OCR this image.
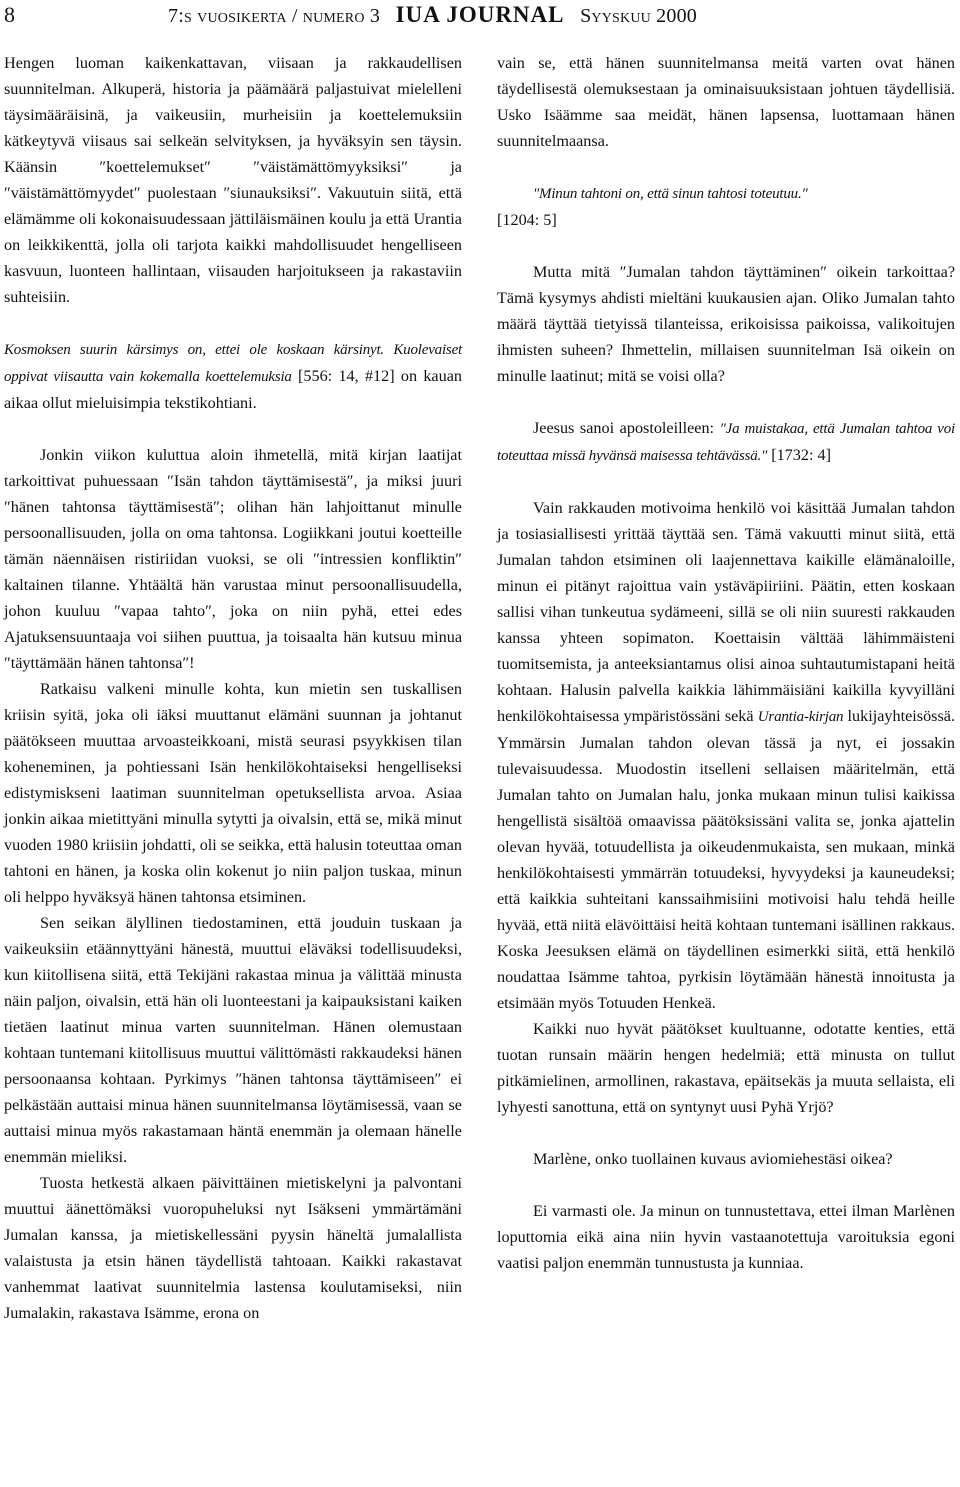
8	7:s vuosikerta / numero 3 IUA JOURNAL Syyskuu 2000

Hengen luoman kaikenkattavan, viisaan ja rakkaudellisen suunnitelman. Alkuperä, historia ja päämäärä paljastuivat mielelleni täysimääräisinä, ja vaikeusiin, murheisiin ja koettelemuksiin kätkeytyvä viisaus sai selkeän selvityksen, ja hyväksyin sen täysin. Käänsin ″koettelemukset″ ″väistämättömyyksiksi″ ja ″väistämättömyydet″ puolestaan ″siunauksiksi″. Vakuutuin siitä, että elämämme oli kokonaisuudessaan jättiläismäinen koulu ja että Urantia on leikkikenttä, jolla oli tarjota kaikki mahdollisuudet hengelliseen kasvuun, luonteen hallintaan, viisauden harjoitukseen ja rakastaviin suhteisiin.

Kosmoksen suurin kärsimys on, ettei ole koskaan kärsinyt. Kuolevaiset oppivat viisautta vain kokemalla koettelemuksia [556: 14, #12] on kauan aikaa ollut mieluisimpia tekstikohtiani.

Jonkin viikon kuluttua aloin ihmetellä, mitä kirjan laatijat tarkoittivat puhuessaan ″Isän tahdon täyttämisestä″, ja miksi juuri ″hänen tahtonsa täyttämisestä″; olihan hän lahjoittanut minulle persoonallisuuden, jolla on oma tahtonsa. Logiikkani joutui koetteille tämän näennäisen ristiriidan vuoksi, se oli ″intressien konfliktin″ kaltainen tilanne. Yhtäältä hän varustaa minut persoonallisuudella, johon kuuluu ″vapaa tahto″, joka on niin pyhä, ettei edes Ajatuksensuuntaaja voi siihen puuttua, ja toisaalta hän kutsuu minua ″täyttämään hänen tahtonsa″!

Ratkaisu valkeni minulle kohta, kun mietin sen tuskallisen kriisin syitä, joka oli iäksi muuttanut elämäni suunnan ja johtanut päätökseen muuttaa arvoasteikkoani, mistä seurasi psyykkisen tilan koheneminen, ja pohtiessani Isän henkilökohtaiseksi hengelliseksi edistymiskseni laatiman suunnitelman opetuksellista arvoa. Asiaa jonkin aikaa mietittyäni minulla sytytti ja oivalsin, että se, mikä minut vuoden 1980 kriisiin johdatti, oli se seikka, että halusin toteuttaa oman tahtoni en hänen, ja koska olin kokenut jo niin paljon tuskaa, minun oli helppo hyväksyä hänen tahtonsa etsiminen.

Sen seikan älyllinen tiedostaminen, että jouduin tuskaan ja vaikeuksiin etäännyttyäni hänestä, muuttui eläväksi todellisuudeksi, kun kiitollisena siitä, että Tekijäni rakastaa minua ja välittää minusta näin paljon, oivalsin, että hän oli luonteestani ja kaipauksistani kaiken tietäen laatinut minua varten suunnitelman. Hänen olemustaan kohtaan tuntemani kiitollisuus muuttui välittömästi rakkaudeksi hänen persoonaansa kohtaan. Pyrkimys ″hänen tahtonsa täyttämiseen″ ei pelkästään auttaisi minua hänen suunnitelmansa löytämisessä, vaan se auttaisi minua myös rakastamaan häntä enemmän ja olemaan hänelle enemmän mieliksi.

Tuosta hetkestä alkaen päivittäinen mietiskelyni ja palvontani muuttui äänettömäksi vuoropuheluksi nyt Isäkseni ymmärtämäni Jumalan kanssa, ja mietiskellessäni pyysin häneltä jumalallista valaistusta ja etsin hänen täydellistä tahtoaan. Kaikki rakastavat vanhemmat laativat suunnitelmia lastensa koulutamiseksi, niin Jumalakin, rakastava Isämme, erona on

vain se, että hänen suunnitelmansa meitä varten ovat hänen täydellisestä olemuksestaan ja ominaisuuksistaan johtuen täydellisiä. Usko Isäämme saa meidät, hänen lapsensa, luottamaan hänen suunnitelmaansa.

″Minun tahtoni on, että sinun tahtosi toteutuu.″
[1204: 5]

Mutta mitä ″Jumalan tahdon täyttäminen″ oikein tarkoittaa? Tämä kysymys ahdisti mieltäni kuukausien ajan. Oliko Jumalan tahto määrä täyttää tietyissä tilanteissa, erikoisissa paikoissa, valikoitujen ihmisten suheen? Ihmettelin, millaisen suunnitelman Isä oikein on minulle laatinut; mitä se voisi olla?

Jeesus sanoi apostoleilleen: ″Ja muistakaa, että Jumalan tahtoa voi toteuttaa missä hyvänsä maisessa tehtävässä.″ [1732: 4]

Vain rakkauden motivoima henkilö voi käsittää Jumalan tahdon ja tosiasiallisesti yrittää täyttää sen. Tämä vakuutti minut siitä, että Jumalan tahdon etsiminen oli laajennettava kaikille elämänaloille, minun ei pitänyt rajoittua vain ystäväpiiriini. Päätin, etten koskaan sallisi vihan tunkeutua sydämeeni, sillä se oli niin suuresti rakkauden kanssa yhteen sopimaton. Koettaisin välttää lähimmäisteni tuomitsemista, ja anteeksiantamus olisi ainoa suhtautumistapani heitä kohtaan. Halusin palvella kaikkia lähimmäisiäni kaikilla kyvyilläni henkilökohtaisessa ympäristössäni sekä Urantia-kirjan lukijayhteisössä. Ymmärsin Jumalan tahdon olevan tässä ja nyt, ei jossakin tulevaisuudessa. Muodostin itselleni sellaisen määritelmän, että Jumalan tahto on Jumalan halu, jonka mukaan minun tulisi kaikissa hengellistä sisältöä omaavissa päätöksissäni valita se, jonka ajattelin olevan hyvää, totuudellista ja oikeudenmukaista, sen mukaan, minkä henkilökohtaisesti ymmärrän totuudeksi, hyvyydeksi ja kauneudeksi; että kaikkia suhteitani kanssaihmisiini motivoisi halu tehdä heille hyvää, että niitä elävöittäisi heitä kohtaan tuntemani isällinen rakkaus. Koska Jeesuksen elämä on täydellinen esimerkki siitä, että henkilö noudattaa Isämme tahtoa, pyrkisin löytämään hänestä innoitusta ja etsimään myös Totuuden Henkeä.

Kaikki nuo hyvät päätökset kuultuanne, odotatte kenties, että tuotan runsain määrin hengen hedelmiä; että minusta on tullut pitkämielinen, armollinen, rakastava, epäitsekäs ja muuta sellaista, eli lyhyesti sanottuna, että on syntynyt uusi Pyhä Yrjö?

Marlène, onko tuollainen kuvaus aviomiehestäsi oikea?

Ei varmasti ole. Ja minun on tunnustettava, ettei ilman Marlènen loputtomia eikä aina niin hyvin vastaanotettuja varoituksia egoni vaatisi paljon enemmän tunnustusta ja kunniaa.
